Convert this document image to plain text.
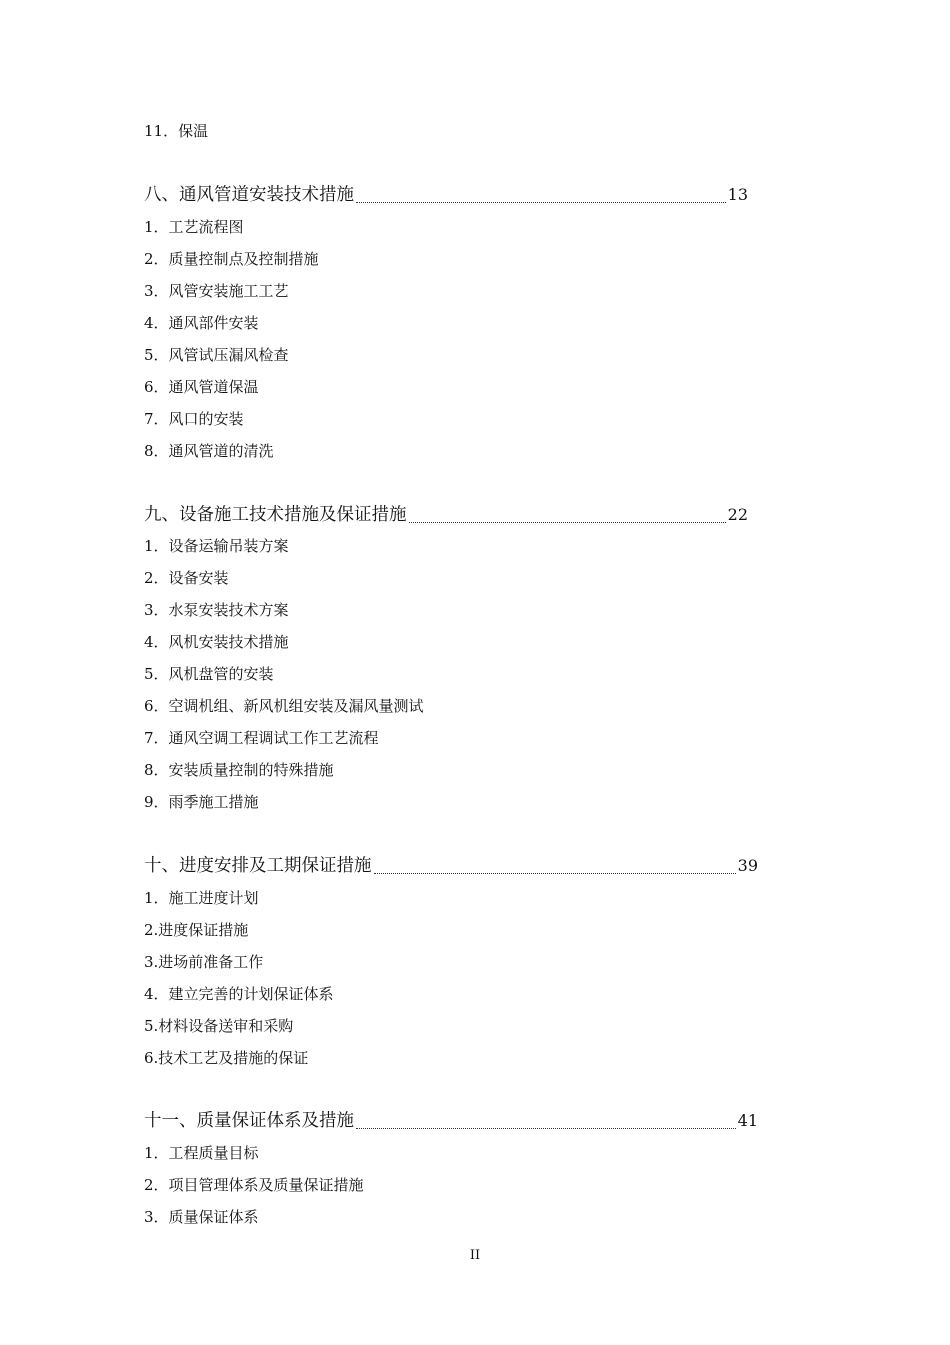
11．保温
八、通风管道安装技术措施	13
1．工艺流程图
2．质量控制点及控制措施
3．风管安装施工工艺
4．通风部件安装
5．风管试压漏风检查
6．通风管道保温
7．风口的安装
8．通风管道的清洗
九、设备施工技术措施及保证措施	22
1．设备运输吊装方案
2．设备安装
3．水泵安装技术方案
4．风机安装技术措施
5．风机盘管的安装
6．空调机组、新风机组安装及漏风量测试
7．通风空调工程调试工作工艺流程
8．安装质量控制的特殊措施
9．雨季施工措施
十、进度安排及工期保证措施	39
1．施工进度计划
2.进度保证措施
3.进场前准备工作
4．建立完善的计划保证体系
5.材料设备送审和采购
6.技术工艺及措施的保证
十一、质量保证体系及措施	41
1．工程质量目标
2．项目管理体系及质量保证措施
3．质量保证体系
II
